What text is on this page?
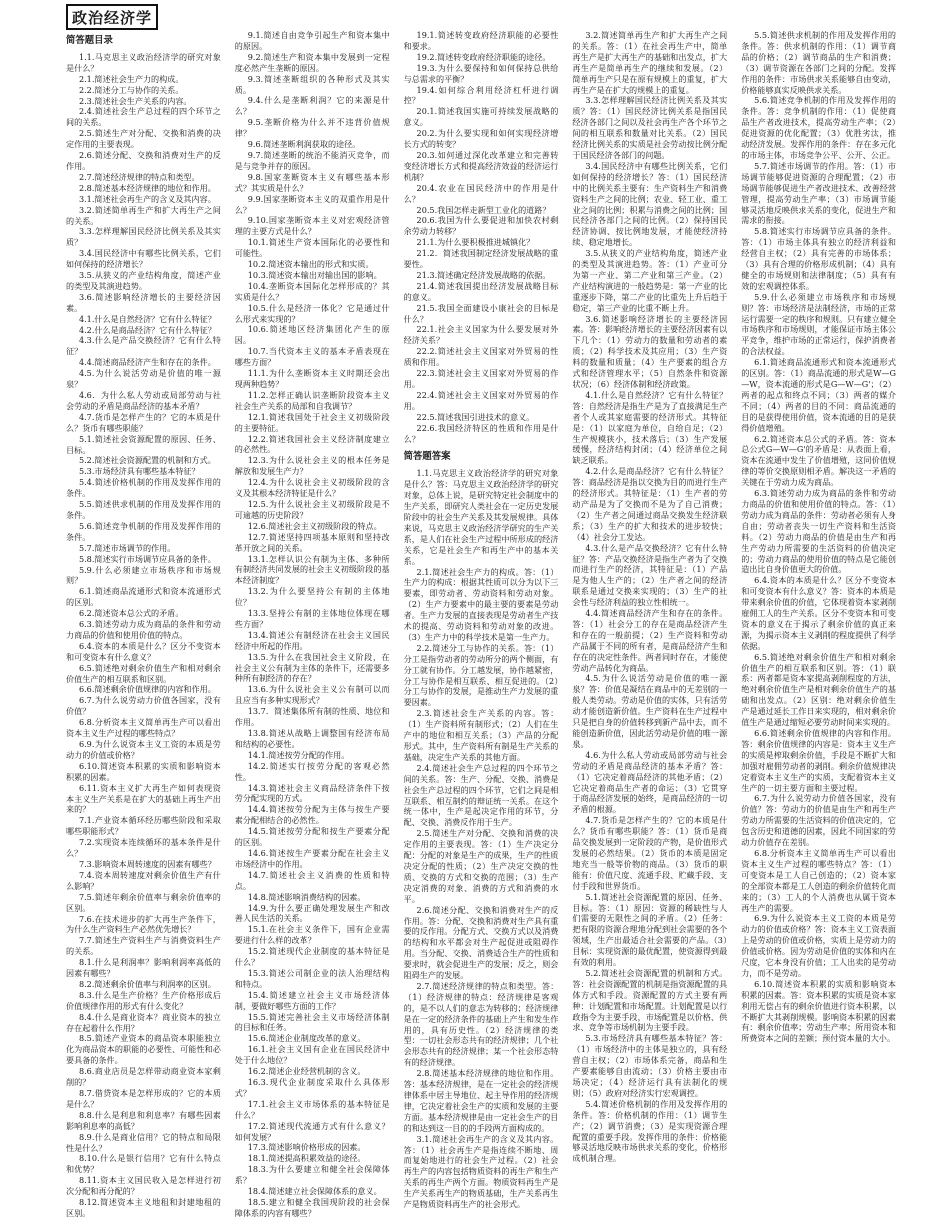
政治经济学
简答题目录

1.1.马克思主义政治经济学的研究对象是什么？

2.1.简述社会生产力的构成。

2.2.简述分工与协作的关系。

2.3.简述社会生产关系的内容。

2.4.简述社会生产总过程的四个环节之间的关系。

2.5.简述生产对分配、交换和消费的决定作用的主要表现。

2.6.简述分配、交换和消费对生产的反作用。

2.7.简述经济规律的特点和类型。

2.8.简述基本经济规律的地位和作用。

3.1.简述社会再生产的含义及其内容。

3.2.简述简单再生产和扩大再生产之间的关系。

3.3.怎样理解国民经济比例关系及其实质？

3.4.国民经济中有哪些比例关系，它们如何保持的经济增长？

3.5.从狭义的产业结构角度，简述产业的类型及其演进趋势。

3.6.简述影响经济增长的主要经济因素。

4.1.什么是自然经济？它有什么特征？

4.2.什么是商品经济？它有什么特征？

4.3.什么是产品交换经济？它有什么特征？

4.4.简述商品经济产生和存在的条件。

4.5.为什么说活劳动是价值的唯一源泉？

4.6．为什么私人劳动或局部劳动与社会劳动的矛盾是商品经济的基本矛盾？

4.7.货币是怎样产生的？它的本质是什么？货币有哪些职能？

5.1.简述社会资源配置的原因、任务、目标。

5.2.简述社会资源配置的机制和方式。

5.3.市场经济具有哪些基本特征？

5.4.简述价格机制的作用及发挥作用的条件。

5.5.简述供求机制的作用及发挥作用的条件。

5.6.简述竞争机制的作用及发挥作用的条件。

5.7.简述市场调节的作用。

5.8.简述实行市场调节应具备的条件。

5.9.什么必须建立市场秩序和市场规则？

6.1.简述商品流通形式和资本流通形式的区别。

6.2.简述资本总公式的矛盾。

6.3.简述劳动力成为商品的条件和劳动力商品的价值和使用价值的特点。

6.4.资本的本质是什么？区分不变资本和可变资本有什么意义？

6.5.简述绝对剩余价值生产和相对剩余价值生产的相互联系和区别。

6.6.简述剩余价值规律的内容和作用。

6.7.为什么说劳动力价值各国家，没有价值？

6.8.分析资本主义简单再生产可以看出资本主义生产过程的哪些特点？

6.9.为什么说资本主义工资的本质是劳动力的价值或价格？

6.10.简述资本积累的实质和影响资本积累的因素。

6.11.资本主义扩大再生产如何表现资本主义生产关系是在扩大的基础上再生产出来的？

7.1.产业资本循环经历哪些阶段和采取哪些职能形式？

7.2.实现资本连续循环的基本条件是什么？

7.3.影响资本周转速度的因素有哪些？

7.4.资本周转速度对剩余价值生产有什么影响？

7.5.简述年剩余价值率与剩余价值率的区别。

7.6.在技术进步的扩大再生产条件下，为什么生产资料生产必然优先增长？

7.7.简述生产资料生产与消费资料生产的关系。

8.1.什么是利润率？影响利润率高低的因素有哪些？

8.2.简述剩余价值率与利润率的区别。

8.3.什么是生产价格？生产价格形成后价值规律作用的形式有什么变化？

8.4.什么是商业资本？商业资本的独立存在起着什么作用？

8.5.简述产业资本的商品资本职能独立化为商品资本的职能的必要性、可能性和必要具备的条件。

8.6.商业店员是怎样带动商业资本家剩削的？

8.7.借贷资本是怎样形成的？它的本质是什么？

8.8.什么是利息和利息率？有哪些因素影响利息率的高低？

8.9.什么是商业信用？它的特点和局限性是什么？

8.10.什么是银行信用？它有什么特点和优势？

8.11.资本主义国民收入是怎样进行初次分配和再分配的？

8.12.简述资本主义地租和封建地租的区别。

9.1.简述自由竞争引起生产和资本集中的原因。

9.2.简述生产和资本集中发展到一定程度必然产生垄断的原因。

9.3.简述垄断组织的各种形式及其实质。

9.4.什么是垄断利润？它的来源是什么？

9.5.垄断价格为什么并不违背价值规律？

9.6.简述垄断利润获取的途径。

9.7.简述垄断的统治不能消灭竞争，而是与竞争并存的原因。

9.8.国家垄断资本主义有哪些基本形式？其实质是什么？

9.9.国家垄断资本主义的双重作用是什么？

9.10.国家垄断资本主义对宏观经济管理的主要方式是什么？

10.1.简述生产资本国际化的必要性和可能性。

10.2.简述资本输出的形式和实质。

10.3.简述资本输出对输出国的影响。

10.4.垄断资本国际化怎样形成的？其实质是什么？

10.5.什么是经济一体化？它是通过什么形式来实现的？

10.6.简述地区经济集团化产生的原因。

10.7.当代资本主义的基本矛盾表现在哪些方面？

11.1.为什么垄断资本主义时期还会出现两种趋势？

11.2.怎样正确认识垄断阶段资本主义社会生产关系的局部和自我调节？

12.1.简述我国处于社会主义初级阶段的主要特征。

12.2.简述我国社会主义经济制度建立的必然性。

12.3.为什么说社会主义的根本任务是解放和发展生产力？

12.4.为什么说社会主义初级阶段的含义及其根本经济特征是什么？

12.5.为什么说社会主义初级阶段是不可逾越的历史阶段？

12.6.简述社会主义初级阶段的特点。

12.7.简述坚持四项基本原则和坚持改革开放之间的关系。

13.1.怎样认识公有制为主体、多种所有制经济共同发展的社会主义初级阶段的基本经济制度？

13.2.为什么要坚持公有制的主体地位？

13.3.坚持公有制的主体地位体现在哪些方面？

13.4.简述公有制经济在社会主义国民经济中所起的作用。

13.5.为什么在我国社会主义阶段，在社会主义公有制为主体的条件下，还需要多种所有制经济的存在？

13.6.为什么说社会主义公有制可以而且应当有多种实现形式？

13.7．简述集体所有制的性质、地位和作用。

13.8.简述从战略上调整国有经济布局和结构的必要性。

14.1.简述按劳分配的作用。

14.2.简述实行按劳分配的客观必然性。

14.3.简述社会主义商品经济条件下按劳分配实现的方式。

14.4.简述按劳分配为主体与按生产要素分配相结合的必然性。

14.5.简述按劳分配和按生产要素分配的区别。

14.6.简述按生产要素分配在社会主义市场经济中的作用。

14.7.简述社会主义消费的性质和特点。

14.8.简述影响消费结构的因素。

14.9.为什么要正确处理发展生产和改善人民生活的关系。

15.1.在社会主义条件下，国有企业需要进行什么样的改革？

15.2.简述现代企业制度的基本特征是什么？

15.3.简述公司制企业的法人治理结构和特点。

15.4.简述建立社会主义市场经济体制，要做好哪些方面的工作？

15.5.简述完善社会主义市场经济体制的目标和任务。

15.6.简述企业制度改革的意义。

16.1.社会主义国有企业在国民经济中处于什么地位？

16.2.简述企业经营机制的含义。

16.3.现代企业制度采取什么具体形式？

17.1.社会主义市场体系的基本特征是什么？

17.2.简述现代流通方式有什么意义？如何发展？

17.3.简述影响价格形成的因素。

18.1.简述提高积累效益的途径。

18.3.为什么要建立和健全社会保障体系？

18.4.简述建立社会保障体系的意义。

18.5.建立和健全我国现阶段的社会保障体系的内容有哪些？

19.1.简述转变政府经济职能的必要性和要求。

19.2.简述转变政府经济职能的途径。

19.3.为什么要保持和如何保持总供给与总需求的平衡？

19.4.如何综合利用经济杠杆进行调控？

20.1.简述我国实施可持续发展战略的意义。

20.2.为什么要实现和如何实现经济增长方式的转变？

20.3.如何通过深化改革建立和完善转变经济增长方式和提高经济效益的经济运行机制？

20.4.农业在国民经济中的作用是什么？

20.5.我国怎样走新型工业化的道路？

20.6.我国为什么要促进和加快农村剩余劳动力转移？

21.1.为什么要积极推进城镇化？

21.2．简述我国制定经济发展战略的重要性。

21.3.简述确定经济发展战略的依据。

21.4.简述我国提出经济发展战略目标的意义。

21.5.我国全面建设小康社会的目标是什么？

22.1.社会主义国家为什么要发展对外经济关系？

22.2.简述社会主义国家对外贸易的性质和作用。

22.3.简述社会主义国家对外贸易的作用。

22.4.简述社会主义国家对外贸易的作用。

22.5.简述我国引进技术的意义。

22.6.我国经济特区的性质和作用是什么？

简答题答案

1.1.马克思主义政治经济学的研究对象是什么？答：马克思主义政治经济学的研究对象，总体上说，是研究特定社会制度中的生产关系，即研究人类社会在一定历史发展阶段中的社会生产关系及其发展规律。具体来说，马克思主义政治经济学研究的生产关系，是人们在社会生产过程中所形成的经济关系，它是社会生产和再生产中的基本关系。

2.1.简述社会生产力的构成。答：（1）生产力的构成：根据其性质可以分为以下三要素，即劳动者、劳动资料和劳动对象。（2）生产力要素中的最主要的要素是劳动者。生产力发展的直接表现是劳动者生产技术的提高、劳动资料和劳动对象的改进。（3）生产力中的科学技术是第一生产力。

2.2.简述分工与协作的关系。答：（1）分工是指劳动者的劳动所分的两个侧面，有分工就有协作。分工越发展，协作越紧密，分工与协作是相互联系、相互促进的。（2）分工与协作的发展，是推动生产力发展的重要因素。

2.3.简述社会生产关系的内容。答：（1）生产资料所有制形式；（2）人们在生产中的地位和相互关系；（3）产品的分配形式。其中，生产资料所有制是生产关系的基础，决定生产关系的其他方面。

2.4.简述社会生产总过程的四个环节之间的关系。答：生产、分配、交换、消费是社会生产总过程的四个环节，它们之间是相互联系、相互制约的辩证统一关系。在这个统一体中，生产是起决定作用的环节，分配、交换、消费反作用于生产。

2.5.简述生产对分配、交换和消费的决定作用的主要表现。答：（1）生产决定分配：分配的对象是生产的成果，生产的性质决定分配的性质；（2）生产决定交换的性质、交换的方式和交换的范围；（3）生产决定消费的对象、消费的方式和消费的水平。

2.6.简述分配、交换和消费对生产的反作用。答：分配、交换和消费对生产具有重要的反作用。分配方式、交换方式以及消费的结构和水平都会对生产起促进或阻碍作用。当分配、交换、消费适合生产的性质和要求时，就会促进生产的发展；反之，则会阻碍生产的发展。

2.7.简述经济规律的特点和类型。答：（1）经济规律的特点：经济规律是客观的，是不以人们的意志为转移的；经济规律是在一定的经济条件的基础上产生和发生作用的，具有历史性。（2）经济规律的类型：一切社会形态共有的经济规律；几个社会形态共有的经济规律；某一个社会形态特有的经济规律。

2.8.简述基本经济规律的地位和作用。答：基本经济规律，是在一定社会的经济规律体系中居主导地位、起主导作用的经济规律，它决定着社会生产的实质和发展的主要方面。基本经济规律是由一定社会生产的目的和达到这一目的的手段两方面构成的。

3.1.简述社会再生产的含义及其内容。答：（1）社会再生产是指连续不断地、周而复始地进行的社会生产过程。（2）社会再生产的内容包括物质资料的再生产和生产关系的再生产两个方面。物质资料再生产是生产关系再生产的物质基础，生产关系再生产是物质资料再生产的社会形式。

3.2.简述简单再生产和扩大再生产之间的关系。答：（1）在社会再生产中，简单再生产是扩大再生产的基础和出发点，扩大再生产是简单再生产的继续和发展。（2）简单再生产只是在原有规模上的重复，扩大再生产是在扩大的规模上的重复。

3.3.怎样理解国民经济比例关系及其实质？答：（1）国民经济比例关系是指国民经济各部门之间以及社会再生产各个环节之间的相互联系和数量对比关系。（2）国民经济比例关系的实质是社会劳动按比例分配于国民经济各部门的问题。

3.4.国民经济中有哪些比例关系，它们如何保持的经济增长？答：（1）国民经济中的比例关系主要有：生产资料生产和消费资料生产之间的比例；农业、轻工业、重工业之间的比例；积累与消费之间的比例；国民经济各部门之间的比例。（2）保持国民经济协调、按比例地发展，才能使经济持续、稳定地增长。

3.5.从狭义的产业结构角度，简述产业的类型及其演进趋势。答：（1）产业可分为第一产业、第二产业和第三产业。（2）产业结构演进的一般趋势是：第一产业的比重逐步下降，第二产业的比重先上升后趋于稳定，第三产业的比重不断上升。

3.6.简述影响经济增长的主要经济因素。答：影响经济增长的主要经济因素有以下几个：（1）劳动力的数量和劳动者的素质；（2）科学技术及其应用；（3）生产资料的数量和质量；（4）生产要素的组合方式和经济管理水平；（5）自然条件和资源状况；（6）经济体制和经济政策。

4.1.什么是自然经济？它有什么特征？答：自然经济是指生产是为了直接满足生产者个人或其家庭需要的经济形式。其特征是：（1）以家庭为单位，自给自足；（2）生产规模狭小，技术落后；（3）生产发展缓慢，经济结构封闭；（4）经济单位之间缺乏联系。

4.2.什么是商品经济？它有什么特征？答：商品经济是指以交换为目的而进行生产的经济形式。其特征是：（1）生产者的劳动产品是为了交换而不是为了自己消费；（2）生产者之间通过商品交换发生经济联系；（3）生产的扩大和技术的进步较快；（4）社会分工发达。

4.3.什么是产品交换经济？它有什么特征？答：产品交换经济是指生产者为了交换而进行生产的经济，其特征是：（1）产品是为他人生产的；（2）生产者之间的经济联系是通过交换来实现的；（3）生产的社会性与经济利益的独立性相统一。

4.4.简述商品经济产生和存在的条件。答：（1）社会分工的存在是商品经济产生和存在的一般前提；（2）生产资料和劳动产品属于不同的所有者，是商品经济产生和存在的决定性条件。两者同时存在，才能使劳动产品转化为商品。

4.5.为什么说活劳动是价值的唯一源泉？答：价值是凝结在商品中的无差别的一般人类劳动。劳动是价值的实体，只有活劳动才能创造新价值。生产资料在生产过程中只是把自身的价值转移到新产品中去，而不能创造新价值，因此活劳动是价值的唯一源泉。

4.6.为什么私人劳动或局部劳动与社会劳动的矛盾是商品经济的基本矛盾？答：（1）它决定着商品经济的其他矛盾；（2）它决定着商品生产者的命运；（3）它贯穿于商品经济发展的始终，是商品经济的一切矛盾的根源。

4.7.货币是怎样产生的？它的本质是什么？货币有哪些职能？答：（1）货币是商品交换发展到一定阶段的产物，是价值形式发展的必然结果。（2）货币的本质是固定地充当一般等价物的商品。（3）货币的职能有：价值尺度、流通手段、贮藏手段、支付手段和世界货币。

5.1.简述社会资源配置的原因、任务、目标。答：（1）原因：资源的稀缺性与人们需要的无限性之间的矛盾。（2）任务：把有限的资源合理地分配到社会需要的各个领域，生产出最适合社会需要的产品。（3）目标：实现资源的最优配置，使资源得到最有效的利用。

5.2.简述社会资源配置的机制和方式。答：社会资源配置的机制是指资源配置的具体方式和手段。资源配置的方式主要有两种：计划配置和市场配置。计划配置是以行政指令为主要手段，市场配置是以价格、供求、竞争等市场机制为主要手段。

5.3.市场经济具有哪些基本特征？答：（1）市场经济中的主体是独立的，具有经营自主权；（2）市场体系完备，商品和生产要素能够自由流动；（3）价格主要由市场决定；（4）经济运行具有法制化的规则；（5）政府对经济实行宏观调控。

5.4.简述价格机制的作用及发挥作用的条件。答：价格机制的作用：（1）调节生产；（2）调节消费；（3）是实现资源合理配置的重要手段。发挥作用的条件：价格能够灵活地反映市场供求关系的变化，价格形成机制合理。

5.5.简述供求机制的作用及发挥作用的条件。答：供求机制的作用：（1）调节商品的价格；（2）调节商品的生产和消费；（3）调节资源在各部门之间的分配。发挥作用的条件：市场供求关系能够自由变动，价格能够真实反映供求关系。

5.6.简述竞争机制的作用及发挥作用的条件。答：竞争机制的作用：（1）促使商品生产者改进技术，提高劳动生产率；（2）促进资源的优化配置；（3）优胜劣汰，推动经济发展。发挥作用的条件：存在多元化的市场主体，市场竞争公平、公开、公正。

5.7.简述市场调节的作用。答：（1）市场调节能够促进资源的合理配置；（2）市场调节能够促进生产者改进技术、改善经营管理，提高劳动生产率；（3）市场调节能够灵活地反映供求关系的变化，促进生产和需求的衔接。

5.8.简述实行市场调节应具备的条件。答：（1）市场主体具有独立的经济利益和经营自主权；（2）具有完善的市场体系；（3）具有合理的价格形成机制；（4）具有健全的市场规则和法律制度；（5）具有有效的宏观调控体系。

5.9.什么必须建立市场秩序和市场规则？答：市场经济是法制经济，市场的正常运行需要一定的秩序和规则。只有建立健全市场秩序和市场规则，才能保证市场主体公平竞争，维护市场的正常运行，保护消费者的合法权益。

6.1.简述商品流通形式和资本流通形式的区别。答：（1）商品流通的形式是W—G—W，资本流通的形式是G—W—G'；（2）两者的起点和终点不同；（3）两者的媒介不同；（4）两者的目的不同：商品流通的目的是获得使用价值，资本流通的目的是获得价值增殖。

6.2.简述资本总公式的矛盾。答：资本总公式G—W—G'的矛盾是：从表面上看，资本在流通中发生了价值增殖，这同价值规律的等价交换原则相矛盾。解决这一矛盾的关键在于劳动力成为商品。

6.3.简述劳动力成为商品的条件和劳动力商品的价值和使用价值的特点。答：（1）劳动力成为商品的条件：劳动者必须有人身自由；劳动者丧失一切生产资料和生活资料。（2）劳动力商品的价值是由生产和再生产劳动力所需要的生活资料的价值决定的；劳动力商品的使用价值的特点是它能创造出比自身价值更大的价值。

6.4.资本的本质是什么？区分不变资本和可变资本有什么意义？答：资本的本质是带来剩余价值的价值，它体现着资本家剥削雇佣工人的生产关系。区分不变资本和可变资本的意义在于揭示了剩余价值的真正来源，为揭示资本主义剥削的程度提供了科学依据。

6.5.简述绝对剩余价值生产和相对剩余价值生产的相互联系和区别。答：（1）联系：两者都是资本家提高剥削程度的方法，绝对剩余价值生产是相对剩余价值生产的基础和出发点。（2）区别：绝对剩余价值生产是通过延长工作日来实现的，相对剩余价值生产是通过缩短必要劳动时间来实现的。

6.6.简述剩余价值规律的内容和作用。答：剩余价值规律的内容是：资本主义生产的实质是榨取剩余价值，手段是不断扩大和加强对雇佣劳动者的剥削。剩余价值规律决定着资本主义生产的实质，支配着资本主义生产的一切主要方面和主要过程。

6.7.为什么说劳动力价值各国家，没有价值？答：劳动力的价值是由生产和再生产劳动力所需要的生活资料的价值决定的，它包含历史和道德的因素，因此不同国家的劳动力价值存在差别。

6.8.分析资本主义简单再生产可以看出资本主义生产过程的哪些特点？答：（1）可变资本是工人自己创造的；（2）资本家的全部资本都是工人创造的剩余价值转化而来的；（3）工人的个人消费也从属于资本再生产的需要。

6.9.为什么说资本主义工资的本质是劳动力的价值或价格？答：资本主义工资表面上是劳动的价值或价格，实质上是劳动力的价值或价格。因为劳动是价值的实体和内在尺度，它本身没有价值；工人出卖的是劳动力，而不是劳动。

6.10.简述资本积累的实质和影响资本积累的因素。答：资本积累的实质是资本家利用无偿占有的剩余价值进行资本积累，以不断扩大其剥削规模。影响资本积累的因素有：剩余价值率；劳动生产率；所用资本和所费资本之间的差额；预付资本量的大小。
